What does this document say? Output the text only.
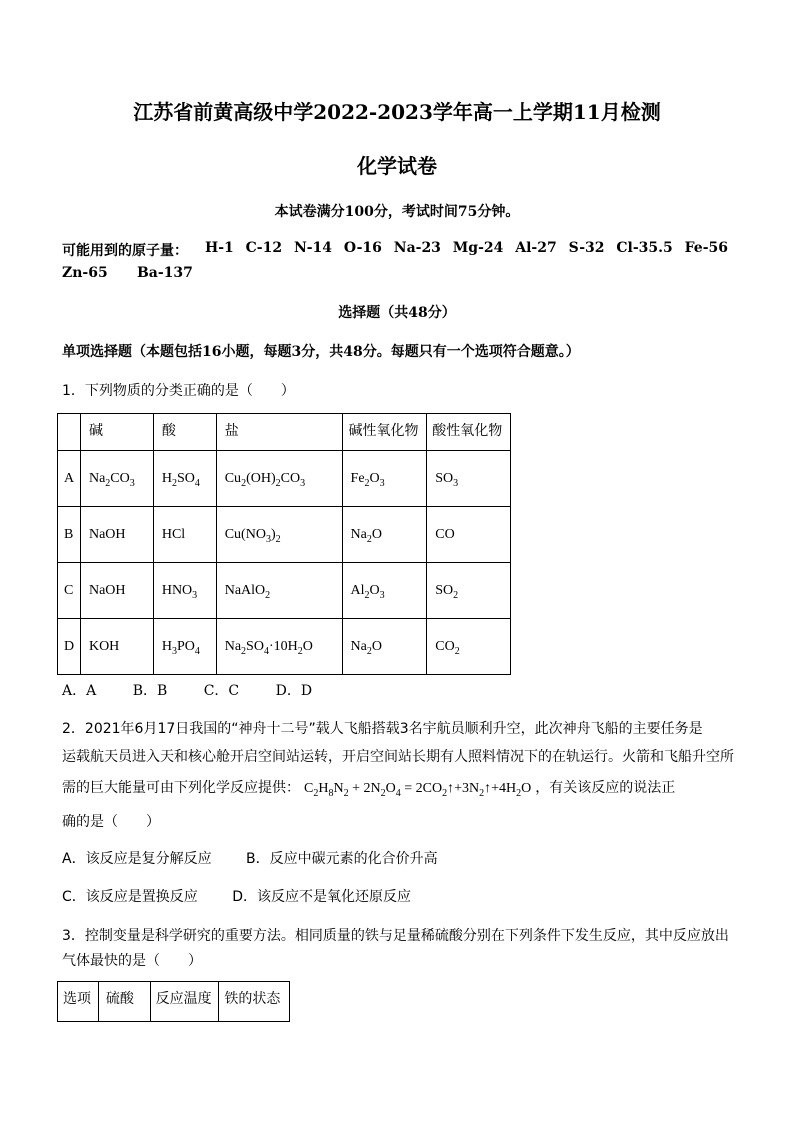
江苏省前黄高级中学2022-2023学年高一上学期11月检测
化学试卷
本试卷满分100分，考试时间75分钟。
可能用到的原子量： H-1 C-12 N-14 O-16 Na-23 Mg-24 Al-27 S-32 Cl-35.5 Fe-56
Zn-65 Ba-137
选择题（共48分）
单项选择题（本题包括16小题，每题3分，共48分。每题只有一个选项符合题意。）
1．下列物质的分类正确的是（　　）
	碱	酸	盐	碱性氧化物	酸性氧化物
A	$Na_2CO_3$	$H_2SO_4$	$Cu_2(OH)_2CO_3$	$Fe_2O_3$	$SO_3$
B	NaOH	HCl	$Cu(NO_3)_2$	$Na_2O$	CO
C	NaOH	$HNO_3$	NaAlO$_2$	$Al_2O_3$	$SO_2$
D	KOH	$H_3PO_4$	$Na_2SO_4\cdot 10H_2O$	$Na_2O$	$CO_2$
A．A	B．B	C．C	D．D
2．2021年6月17日我国的“神舟十二号”载人飞船搭载3名宇航员顺利升空，此次神舟飞船的主要任务是
运载航天员进入天和核心舱开启空间站运转，开启空间站长期有人照料情况下的在轨运行。火箭和飞船升空所
需的巨大能量可由下列化学反应提供： $C_2H_8N_2 + 2N_2O_4$ = $2CO_2↑+3N_2↑+4H_2O$ ，有关该反应的说法正
确的是（　　）
A．该反应是复分解反应 B．反应中碳元素的化合价升高
C．该反应是置换反应 D．该反应不是氧化还原反应
3．控制变量是科学研究的重要方法。相同质量的铁与足量稀硫酸分别在下列条件下发生反应，其中反应放出
气体最快的是（　　）
选项	硫酸	反应温度	铁的状态
